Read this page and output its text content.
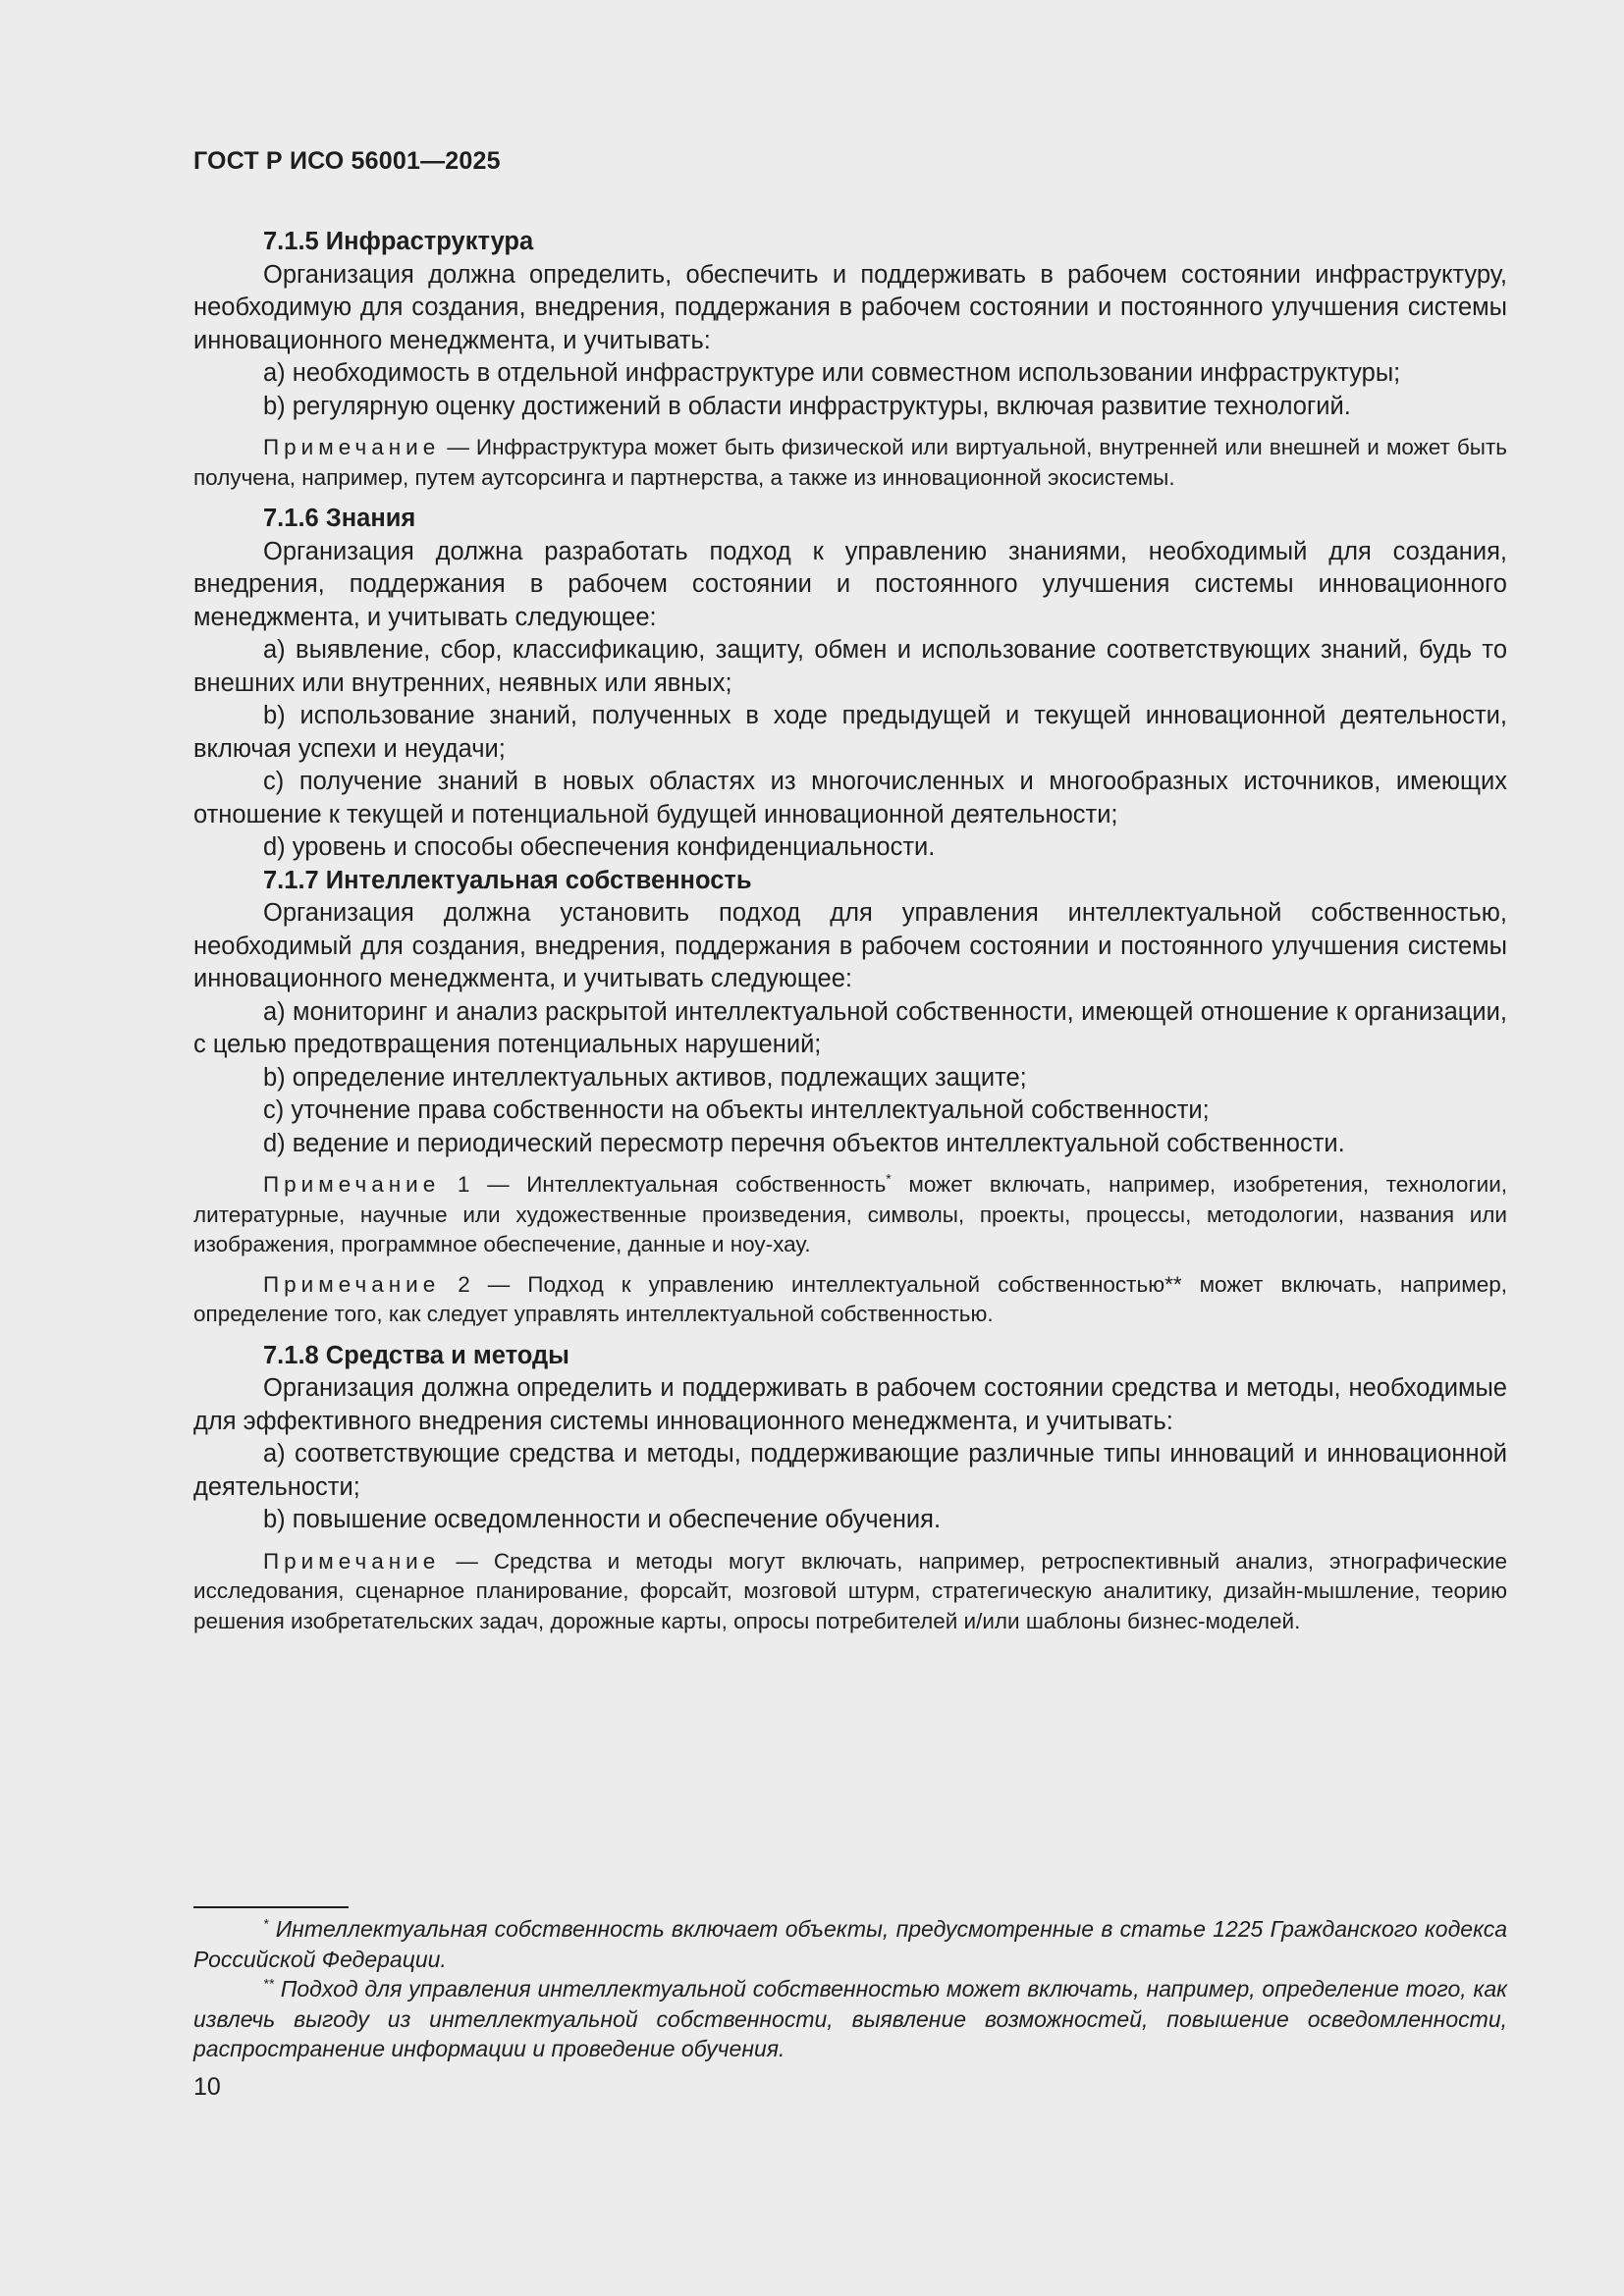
ГОСТ Р ИСО 56001—2025

7.1.5 Инфраструктура

Организация должна определить, обеспечить и поддерживать в рабочем состоянии инфраструктуру, необходимую для создания, внедрения, поддержания в рабочем состоянии и постоянного улучшения системы инновационного менеджмента, и учитывать:

a) необходимость в отдельной инфраструктуре или совместном использовании инфраструктуры;

b) регулярную оценку достижений в области инфраструктуры, включая развитие технологий.

Примечание — Инфраструктура может быть физической или виртуальной, внутренней или внешней и может быть получена, например, путем аутсорсинга и партнерства, а также из инновационной экосистемы.

7.1.6 Знания

Организация должна разработать подход к управлению знаниями, необходимый для создания, внедрения, поддержания в рабочем состоянии и постоянного улучшения системы инновационного менеджмента, и учитывать следующее:

a) выявление, сбор, классификацию, защиту, обмен и использование соответствующих знаний, будь то внешних или внутренних, неявных или явных;

b) использование знаний, полученных в ходе предыдущей и текущей инновационной деятельности, включая успехи и неудачи;

c) получение знаний в новых областях из многочисленных и многообразных источников, имеющих отношение к текущей и потенциальной будущей инновационной деятельности;

d) уровень и способы обеспечения конфиденциальности.

7.1.7 Интеллектуальная собственность

Организация должна установить подход для управления интеллектуальной собственностью, необходимый для создания, внедрения, поддержания в рабочем состоянии и постоянного улучшения системы инновационного менеджмента, и учитывать следующее:

a) мониторинг и анализ раскрытой интеллектуальной собственности, имеющей отношение к организации, с целью предотвращения потенциальных нарушений;

b) определение интеллектуальных активов, подлежащих защите;

c) уточнение права собственности на объекты интеллектуальной собственности;

d) ведение и периодический пересмотр перечня объектов интеллектуальной собственности.

Примечание 1 — Интеллектуальная собственность* может включать, например, изобретения, технологии, литературные, научные или художественные произведения, символы, проекты, процессы, методологии, названия или изображения, программное обеспечение, данные и ноу-хау.

Примечание 2 — Подход к управлению интеллектуальной собственностью** может включать, например, определение того, как следует управлять интеллектуальной собственностью.

7.1.8 Средства и методы

Организация должна определить и поддерживать в рабочем состоянии средства и методы, необходимые для эффективного внедрения системы инновационного менеджмента, и учитывать:

a) соответствующие средства и методы, поддерживающие различные типы инноваций и инновационной деятельности;

b) повышение осведомленности и обеспечение обучения.

Примечание — Средства и методы могут включать, например, ретроспективный анализ, этнографические исследования, сценарное планирование, форсайт, мозговой штурм, стратегическую аналитику, дизайн-мышление, теорию решения изобретательских задач, дорожные карты, опросы потребителей и/или шаблоны бизнес-моделей.

* Интеллектуальная собственность включает объекты, предусмотренные в статье 1225 Гражданского кодекса Российской Федерации.

** Подход для управления интеллектуальной собственностью может включать, например, определение того, как извлечь выгоду из интеллектуальной собственности, выявление возможностей, повышение осведомленности, распространение информации и проведение обучения.

10
